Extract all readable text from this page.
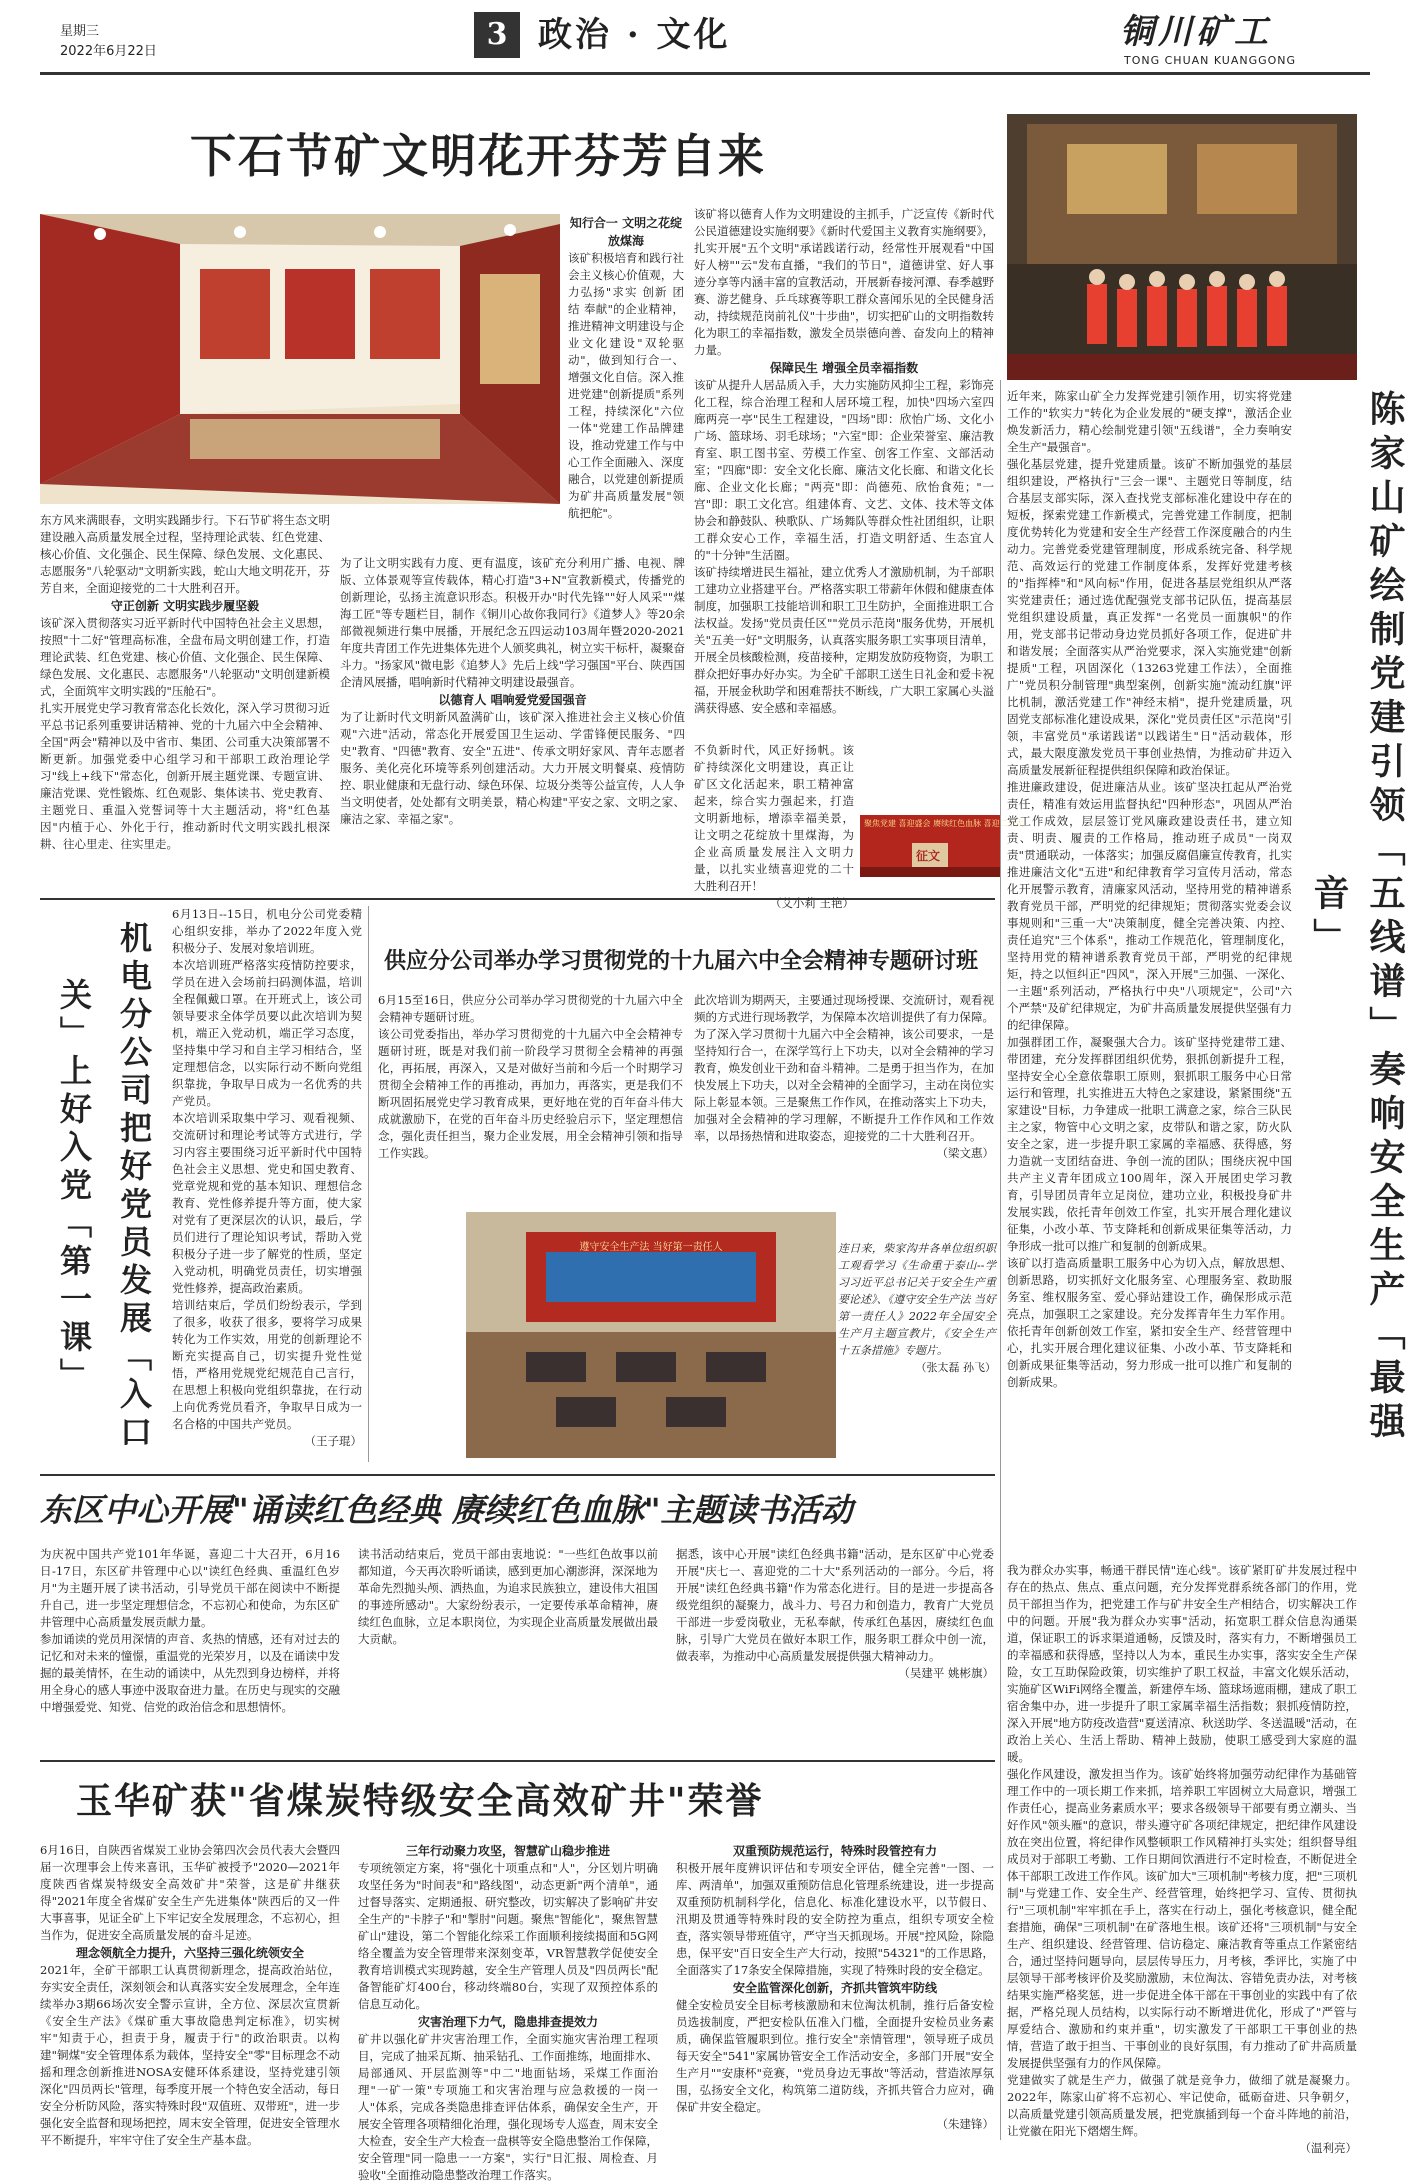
星期三
2022年6月22日	3 政治 · 文化	铜川矿工
TONG CHUAN KUANGGONG
下石节矿文明花开芬芳自来
知行合一 文明之花绽放煤海
该矿积极培育和践行社会主义核心价值观，大力弘扬"求实 创新 团结 奉献"的企业精神，推进精神文明建设与企业文化建设"双轮驱动"，做到知行合一、增强文化自信。深入推进党建"创新提质"系列工程，持续深化"六位一体"党建工作品牌建设，推动党建工作与中心工作全面融入、深度融合，以党建创新提质为矿井高质量发展"领航把舵"。

该矿将以德育人作为文明建设的主抓手，广泛宣传《新时代公民道德建设实施纲要》《新时代爱国主义教育实施纲要》，扎实开展"五个文明"承诺践诺行动，经常性开展观看"中国好人榜""云"发布直播，"我们的节日"，道德讲堂、好人事迹分享等内涵丰富的宣教活动，开展新春接河潭、春季越野赛、游艺健身、乒乓球赛等职工群众喜闻乐见的全民健身活动，持续规范岗前礼仪"十步曲"，切实把矿山的文明指数转化为职工的幸福指数，激发全员崇德向善、奋发向上的精神力量。

保障民生 增强全员幸福指数

该矿从提升人居品质入手，大力实施防风抑尘工程，彩饰亮化工程，综合治理工程和人居环境工程，加快"四场六室四廊两亮一亭"民生工程建设，"四场"即：欣怡广场、文化小广场、篮球场、羽毛球场；"六室"即：企业荣誉室、廉洁教育室、职工图书室、劳模工作室、创客工作室、文部活动室；"四廊"即：安全文化长廊、廉洁文化长廊、和谐文化长廊、企业文化长廊；"两亮"即：尚德苑、欣怡食苑；"一宫"即：职工文化宫。组建体育、文艺、文体、技术等文体协会和静鼓队、秧歌队、广场舞队等群众性社团组织，让职工群众安心工作，幸福生活，打造文明舒适、生态宜人的"十分钟"生活圈。

该矿持续增进民生福祉，建立优秀人才激励机制，为千部职工建功立业搭建平台。严格落实职工带薪年休假和健康查体制度，加强职工技能培训和职工卫生防护，全面推进职工合法权益。发扬"党员责任区""党员示范岗"服务优势，开展机关"五美一好"文明服务，认真落实服务职工实事项目清单，开展全员核酸检测，疫苗接种，定期发放防疫物资，为职工群众把好事办好办实。为全矿千部职工送生日礼金和爱卡祝福，开展金秋助学和困难帮扶不断线，广大职工家属心头溢满获得感、安全感和幸福感。

东方风来满眼春，文明实践踊步行。下石节矿将生态文明建设融入高质量发展全过程，坚持理论武装、红色党建、核心价值、文化强企、民生保障、绿色发展、文化惠民、志愿服务"八轮驱动"文明新实践，蛇山大地文明花开，芬芳自来，全面迎接党的二十大胜利召开。

守正创新 文明实践步履坚毅

该矿深入贯彻落实习近平新时代中国特色社会主义思想，按照"十二好"管理高标准，全盘布局文明创建工作，打造理论武装、红色党建、核心价值、文化强企、民生保障、绿色发展、文化惠民、志愿服务"八轮驱动"文明创建新模式，全面筑牢文明实践的"压舱石"。

扎实开展党史学习教育常态化长效化，深入学习贯彻习近平总书记系列重要讲话精神、党的十九届六中全会精神、全国"两会"精神以及中省市、集团、公司重大决策部署不断更新。加强党委中心组学习和干部职工政治理论学习"线上+线下"常态化，创新开展主题党课、专题宣讲、廉洁党课、党性锻炼、红色观影、集体读书、党史教育、主题党日、重温入党誓词等十大主题活动，将"红色基因"内植于心、外化于行，推动新时代文明实践扎根深耕、往心里走、往实里走。

为了让文明实践有力度、更有温度，该矿充分利用广播、电视、牌版、立体景观等宣传载体，精心打造"3+N"宣教新模式，传播党的创新理论，弘扬主流意识形态。积极开办"时代先锋""好人风采""煤海工匠"等专题栏目，制作《铜川心故你我同行》《道梦人》等20余部微视频进行集中展播，开展纪念五四运动103周年暨2020-2021年度共青团工作先进集体先进个人颁奖典礼，树立实干标杆，凝聚奋斗力。"扬家风"微电影《追梦人》先后上线"学习强国"平台、陕西国企清风展播，唱响新时代精神文明建设最强音。

以德育人 唱响爱党爱国强音

为了让新时代文明新风盈满矿山，该矿深入推进社会主义核心价值观"六进"活动，常态化开展爱国卫生运动、学雷锋便民服务、"四史"教育、"四德"教育、安全"五进"、传承文明好家风、青年志愿者服务、美化亮化环境等系列创建活动。大力开展文明餐桌、疫情防控、职业健康和无盘行动、绿色环保、垃圾分类等公益宣传，人人争当文明使者，处处都有文明美景，精心构建"平安之家、文明之家、廉洁之家、幸福之家"。

不负新时代，风正好扬帆。该矿持续深化文明建设，真正让矿区文化活起来，职工精神富起来，综合实力强起来，打造文明新地标，增添幸福美景，让文明之花绽放十里煤海，为企业高质量发展注入文明力量，以扎实业绩喜迎党的二十大胜利召开！
（艾小莉 王艳）
聚焦党建 喜迎盛会 赓续红色血脉 喜迎二十大
征文	陈家山矿绘制党建引领「五线谱」奏响安全生产「最强音」

近年来，陈家山矿全力发挥党建引领作用，切实将党建工作的"软实力"转化为企业发展的"硬支撑"，激活企业焕发新活力，精心绘制党建引领"五线谱"，全力奏响安全生产"最强音"。

强化基层党建，提升党建质量。该矿不断加强党的基层组织建设，严格执行"三会一课"、主题党日等制度，结合基层支部实际，深入查找党支部标准化建设中存在的短板，探索党建工作新模式，完善党建工作制度，把制度优势转化为党建和安全生产经营工作深度融合的内生动力。完善党委党建管理制度，形成系统完备、科学规范、高效运行的党建工作制度体系，发挥好党建考核的"指挥棒"和"风向标"作用，促进各基层党组织从严落实党建责任；通过选优配强党支部书记队伍，提高基层党组织建设质量，真正发挥"一名党员一面旗帜"的作用，党支部书记带动身边党员抓好各项工作，促进矿井和谐发展；全面落实从严治党要求，深入实施党建"创新提质"工程，巩固深化（13263党建工作法），全面推广"党员积分制管理"典型案例，创新实施"流动红旗"评比机制，激活党建工作"神经末梢"，提升党建质量，巩固党支部标准化建设成果，深化"党员责任区"示范岗"引领，丰富党员"承诺践诺"以践诺生"日"活动载体，形式，最大限度激发党员干事创业热情，为推动矿井迈入高质量发展新征程提供组织保障和政治保证。

推进廉政建设，促进廉洁从业。该矿坚决扛起从严治党责任，精准有效运用监督执纪"四种形态"，巩固从严治党工作成效，层层签订党风廉政建设责任书，建立知责、明责、履责的工作格局，推动班子成员"一岗双责"贯通联动，一体落实；加强反腐倡廉宣传教育，扎实推进廉洁文化"五进"和纪律教育学习宣传月活动，常态化开展警示教育，清廉家风活动，坚持用党的精神谱系教育党员干部，严明党的纪律规矩；贯彻落实党委会议事规则和"三重一大"决策制度，健全完善决策、内控、责任追究"三个体系"，推动工作规范化，管理制度化，坚持用党的精神谱系教育党员干部，严明党的纪律规矩，持之以恒纠正"四风"，深入开展"三加强、一深化、一主题"系列活动，严格执行中央"八项规定"，公司"六个严禁"及矿纪律规定，为矿井高质量发展提供坚强有力的纪律保障。

加强群团工作，凝聚强大合力。该矿坚持党建带工建、带团建，充分发挥群团组织优势，狠抓创新提升工程，坚持安全心全意依靠职工原则，狠抓职工服务中心日常运行和管理，扎实推进五大特色之家建设，紧紧围绕"五家建设"目标，力争建成一批职工满意之家，综合三队民主之家，物管中心文明之家，皮带队和谐之家，防火队安全之家，进一步提升职工家属的幸福感、获得感，努力造就一支团结奋进、争创一流的团队；围绕庆祝中国共产主义青年团成立100周年，深入开展团史学习教育，引导团员青年立足岗位，建功立业，积极投身矿井发展实践，依托青年创效工作室，扎实开展合理化建议征集，小改小革、节支降耗和创新成果征集等活动，力争形成一批可以推广和复制的创新成果。

该矿以打造高质量职工服务中心为切入点，解放思想、创新思路，切实抓好文化服务室、心理服务室、救助服务室、维权服务室、爱心驿站建设工作，确保形成示范亮点，加强职工之家建设。充分发挥青年生力军作用。依托青年创新创效工作室，紧扣安全生产、经营管理中心，扎实开展合理化建议征集、小改小革、节支降耗和创新成果征集等活动，努力形成一批可以推广和复制的创新成果。

我为群众办实事，畅通干群民情"连心线"。该矿紧盯矿井发展过程中存在的热点、焦点、重点问题，充分发挥党群系统各部门的作用，党员干部担当作为，把党建工作与矿井安全生产相结合，切实解决工作中的问题。开展"我为群众办实事"活动，拓宽职工群众信息沟通渠道，保证职工的诉求渠道通畅，反馈及时，落实有力，不断增强员工的幸福感和获得感，坚持以人为本，重民生办实事，落实安全生产保险，女工互助保险政策，切实维护了职工权益，丰富文化娱乐活动，实施矿区WiFi网络全覆盖，新建停车场、篮球场遮雨棚，建成了职工宿舍集中办，进一步提升了职工家属幸福生活指数；狠抓疫情防控，深入开展"地方防疫改造营"夏送清凉、秋送助学、冬送温暖"活动，在政治上关心、生活上帮助、精神上鼓励，使职工感受到大家庭的温暖。

强化作风建设，激发担当作为。该矿始终将加强劳动纪律作为基础管理工作中的一项长期工作来抓，培养职工牢固树立大局意识，增强工作责任心，提高业务素质水平；要求各级领导干部要有勇立潮头、当好作风"领头雁"的意识，带头遵守矿各项纪律规定，把纪律作风建设放在突出位置，将纪律作风整顿职工作风精神打头实处；组织督导组成员对于部职工考勤、工作日期间饮酒进行不定时检查，不断促进全体干部职工改进工作作风。该矿加大"三项机制"考核力度，把"三项机制"与党建工作、安全生产、经营管理，始终把学习、宣传、贯彻执行"三项机制"牢牢抓在手上，落实在行动上，强化考核意识，健全配套措施，确保"三项机制"在矿落地生根。该矿还将"三项机制"与安全生产、组织建设、经营管理、信访稳定、廉洁教育等重点工作紧密结合，通过坚持问题导向，层层传导压力，月考核，季评比，实施了中层领导干部考核评价及奖励激励，末位淘汰、容错免责办法，对考核结果实施严格奖惩，进一步促进全体干部在干事创业的实践中有了依据，严格兑现人员结构，以实际行动不断增进优化，形成了"严管与厚爱结合、激励和约束并重"，切实激发了干部职工干事创业的热情，营造了敢于担当、干事创业的良好氛围，有力推动了矿井高质量发展提供坚强有力的作风保障。

党建做实了就是生产力，做强了就是竞争力，做细了就是凝聚力。2022年，陈家山矿将不忘初心、牢记使命，砥砺奋进、只争朝夕，以高质量党建引领高质量发展，把党旗插到每一个奋斗阵地的前沿，让党徽在阳光下熠熠生辉。

（温利亮）
机电分公司把好党员发展「入口关」上好入党「第一课」

6月13日--15日，机电分公司党委精心组织安排，举办了2022年度入党积极分子、发展对象培训班。

本次培训班严格落实疫情防控要求，学员在进入会场前扫码测体温，培训全程佩戴口罩。在开班式上，该公司领导要求全体学员要以此次培训为契机，端正入党动机，端正学习态度，坚持集中学习和自主学习相结合，坚定理想信念，以实际行动不断向党组织靠拢，争取早日成为一名优秀的共产党员。

本次培训采取集中学习、观看视频、交流研讨和理论考试等方式进行，学习内容主要围绕习近平新时代中国特色社会主义思想、党史和国史教育、党章党规和党的基本知识、理想信念教育、党性修养提升等方面，使大家对党有了更深层次的认识，最后，学员们进行了理论知识考试，帮助入党积极分子进一步了解党的性质，坚定入党动机，明确党员责任，切实增强党性修养，提高政治素质。

培训结束后，学员们纷纷表示，学到了很多，收获了很多，要将学习成果转化为工作实效，用党的创新理论不断充实提高自己，切实提升党性觉悟，严格用党规党纪规范自己言行，在思想上积极向党组织靠拢，在行动上向优秀党员看齐，争取早日成为一名合格的中国共产党员。

（王子琨）
供应分公司举办学习贯彻党的十九届六中全会精神专题研讨班

6月15至16日，供应分公司举办学习贯彻党的十九届六中全会精神专题研讨班。

该公司党委指出，举办学习贯彻党的十九届六中全会精神专题研讨班，既是对我们前一阶段学习贯彻全会精神的再强化，再拓展，再深入，又是对做好当前和今后一个时期学习贯彻全会精神工作的再推动，再加力，再落实，更是我们不断巩固拓展党史学习教育成果，更好地在党的百年奋斗伟大成就激励下，在党的百年奋斗历史经验启示下，坚定理想信念，强化责任担当，聚力企业发展，用全会精神引领和指导工作实践。

此次培训为期两天，主要通过现场授课、交流研讨，观看视频的方式进行现场教学，为保障本次培训提供了有力保障。为了深入学习贯彻十九届六中全会精神，该公司要求，一是坚持知行合一，在深学笃行上下功夫，以对全会精神的学习教育，焕发创业干劲和奋斗精神。二是勇于担当作为，在加快发展上下功夫，以对全会精神的全面学习，主动在岗位实际上彰显本领。三是聚焦工作作风，在推动落实上下功夫，加强对全会精神的学习理解，不断提升工作作风和工作效率，以昂扬热情和进取姿态，迎接党的二十大胜利召开。

（梁文惠）
遵守安全生产法 当好第一责任人	连日来，柴家沟井各单位组织职工观看学习《生命重于泰山--学习习近平总书记关于安全生产重要论述》、《遵守安全生产法 当好第一责任人》2022年全国安全生产月主题宣教片，《安全生产十五条措施》专题片。
（张太磊 孙飞）
东区中心开展"诵读红色经典 赓续红色血脉"主题读书活动

为庆祝中国共产党101年华诞，喜迎二十大召开，6月16日-17日，东区矿井管理中心以"读红色经典、重温红色岁月"为主题开展了读书活动，引导党员干部在阅读中不断提升自己，进一步坚定理想信念，不忘初心和使命，为东区矿井管理中心高质量发展贡献力量。

参加诵读的党员用深情的声音、炙热的情感，还有对过去的记忆和对未来的憧憬，重温党的光荣岁月，以及在诵读中发掘的最美情怀，在生动的诵读中，从先烈到身边榜样，并将用全身心的感人事迹中汲取奋进力量。在历史与现实的交融中增强爱党、知党、信党的政治信念和思想情怀。

读书活动结束后，党员干部由衷地说："一些红色故事以前都知道，今天再次聆听诵读，感到更加心潮澎湃，深深地为革命先烈抛头颅、洒热血，为追求民族独立，建设伟大祖国的事迹所感动"。大家纷纷表示，一定要传承革命精神，赓续红色血脉，立足本职岗位，为实现企业高质量发展做出最大贡献。

据悉，该中心开展"读红色经典书籍"活动，是东区矿中心党委开展"庆七一、喜迎党的二十大"系列活动的一部分。今后，将开展"读红色经典书籍"作为常态化进行。目的是进一步提高各级党组织的凝聚力，战斗力、号召力和创造力，教育广大党员干部进一步爱岗敬业，无私奉献，传承红色基因，赓续红色血脉，引导广大党员在做好本职工作，服务职工群众中创一流，做表率，为推动中心高质量发展提供强大精神动力。

（吴建平 姚彬旗）
玉华矿获"省煤炭特级安全高效矿井"荣誉

6月16日，自陕西省煤炭工业协会第四次会员代表大会暨四届一次理事会上传来喜讯，玉华矿被授予"2020—2021年度陕西省煤炭特级安全高效矿井"荣誉，这是矿井继获得"2021年度全省煤矿安全生产先进集体"陕西后的又一件大事喜事，见证全矿上下牢记安全发展理念，不忘初心，担当作为，促进安全高质量发展的奋斗足迹。

理念领航全力提升，六坚持三强化统领安全

2021年，全矿干部职工认真贯彻新理念，提高政治站位，夯实安全责任，深刻领会和认真落实安全发展理念，全年连续举办3期66场次安全警示宣讲，全方位、深层次宣贯新《安全生产法》《煤矿重大事故隐患判定标准》，切实树牢"知责于心，担责于身，履责于行"的政治职责。以构建"铜煤"安全管理体系为载体，坚持安全"零"目标理念不动摇和理念创新推进NOSA安健环体系建设，坚持党建引领深化"四员两长"管理，每季度开展一个特色安全活动，每日安全分析防风险，落实特殊时段"双值班、双带班"，进一步强化安全监督和现场把控，周末安全管理，促进安全管理水平不断提升，牢牢守住了安全生产基本盘。

三年行动聚力攻坚，智慧矿山稳步推进

专项统领定方案，将"强化十项重点和"人"，分区划片明确攻坚任务为"时间表"和"路线图"，动态更新"两个清单"，通过督导落实、定期通报、研究整改，切实解决了影响矿井安全生产的"卡脖子"和"掣肘"问题。聚焦"智能化"，聚焦智慧矿山"建设，第二个智能化综采工作面顺利接续揭面和5G网络全覆盖为安全管理带来深刻变革，VR智慧教学促使安全教育培训模式实现跨越，安全生产管理人员及"四员两长"配备智能矿灯400台，移动终端80台，实现了双预控体系的信息互动化。

灾害治理下力气，隐患排查提效力

矿井以强化矿井灾害治理工作，全面实施灾害治理工程项目，完成了抽采瓦斯、抽采钻孔、工作面推练，地面排水、局部通风、开层监测等"中二"地面钻场，采煤工作面治理"一矿一策"专项施工和灾害治理与应急救援的一岗一人"体系，完成各类隐患排查评估体系，确保安全生产，开展安全管理各项精细化治理，强化现场专人巡查，周末安全大检查，安全生产大检查一盘棋等安全隐患整治工作保障，安全管理"同一隐患一一方案"，实行"日汇报、周检查、月验收"全面推动隐患整改治理工作落实。

双重预防规范运行，特殊时段管控有力

积极开展年度辨识评估和专项安全评估，健全完善"一图、一库、两清单"，加强双重预防信息化管理系统建设，进一步提高双重预防机制科学化，信息化、标准化建设水平，以节假日、汛期及贯通等特殊时段的安全防控为重点，组织专项安全检查，落实领导带班值守，严守当天抓现场。开展"控风险，除隐患，保平安"百日安全生产大行动，按照"54321"的工作思路，全面落实了17条安全保障措施，实现了特殊时段的安全稳定。

安全监管深化创新，齐抓共管筑牢防线

健全安检员安全目标考核激励和末位淘汰机制，推行后备安检员选拔制度，严把安检队伍准入门槛，全面提升安检员业务素质，确保监管履职到位。推行安全"亲情管理"，领导班子成员每天安全"541"家属协管安全工作活动安全，多部门开展"安全生产月""安康杯"竞赛，"党员身边无事故"等活动，营造浓厚氛围，弘扬安全文化，构筑第二道防线，齐抓共管合力应对，确保矿井安全稳定。

（朱建锋）
